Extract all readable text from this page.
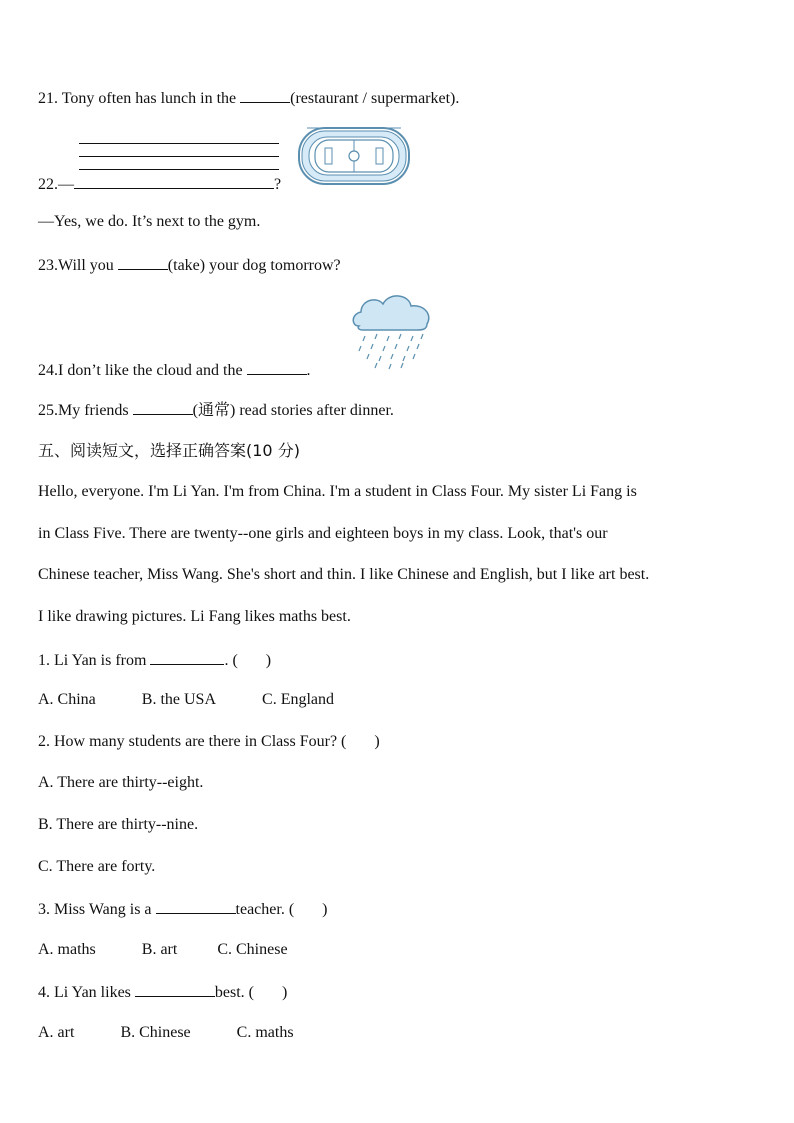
21. Tony often has lunch in the	(restaurant / supermarket).
22.—	?
—Yes, we do. It’s next to the gym.
23.Will you	(take) your dog tomorrow?
24.I don’t like the cloud and the	.
25.My friends	(通常) read stories after dinner.
五、阅读短文，选择正确答案(10 分)
Hello, everyone. I'm Li Yan. I'm from China. I'm a student in Class Four. My sister Li Fang is
in Class Five. There are twenty--one girls and eighteen boys in my class. Look, that's our
Chinese teacher, Miss Wang. She's short and thin. I like Chinese and English, but I like art best.
I like drawing pictures. Li Fang likes maths best.
1. Li Yan is from	. ( )
A. China	B. the USA	C. England
2. How many students are there in Class Four? ( )
A. There are thirty--eight.
B. There are thirty--nine.
C. There are forty.
3. Miss Wang is a	teacher. ( )
A. maths	B. art	C. Chinese
4. Li Yan likes	best. ( )
A. art	B. Chinese	C. maths
